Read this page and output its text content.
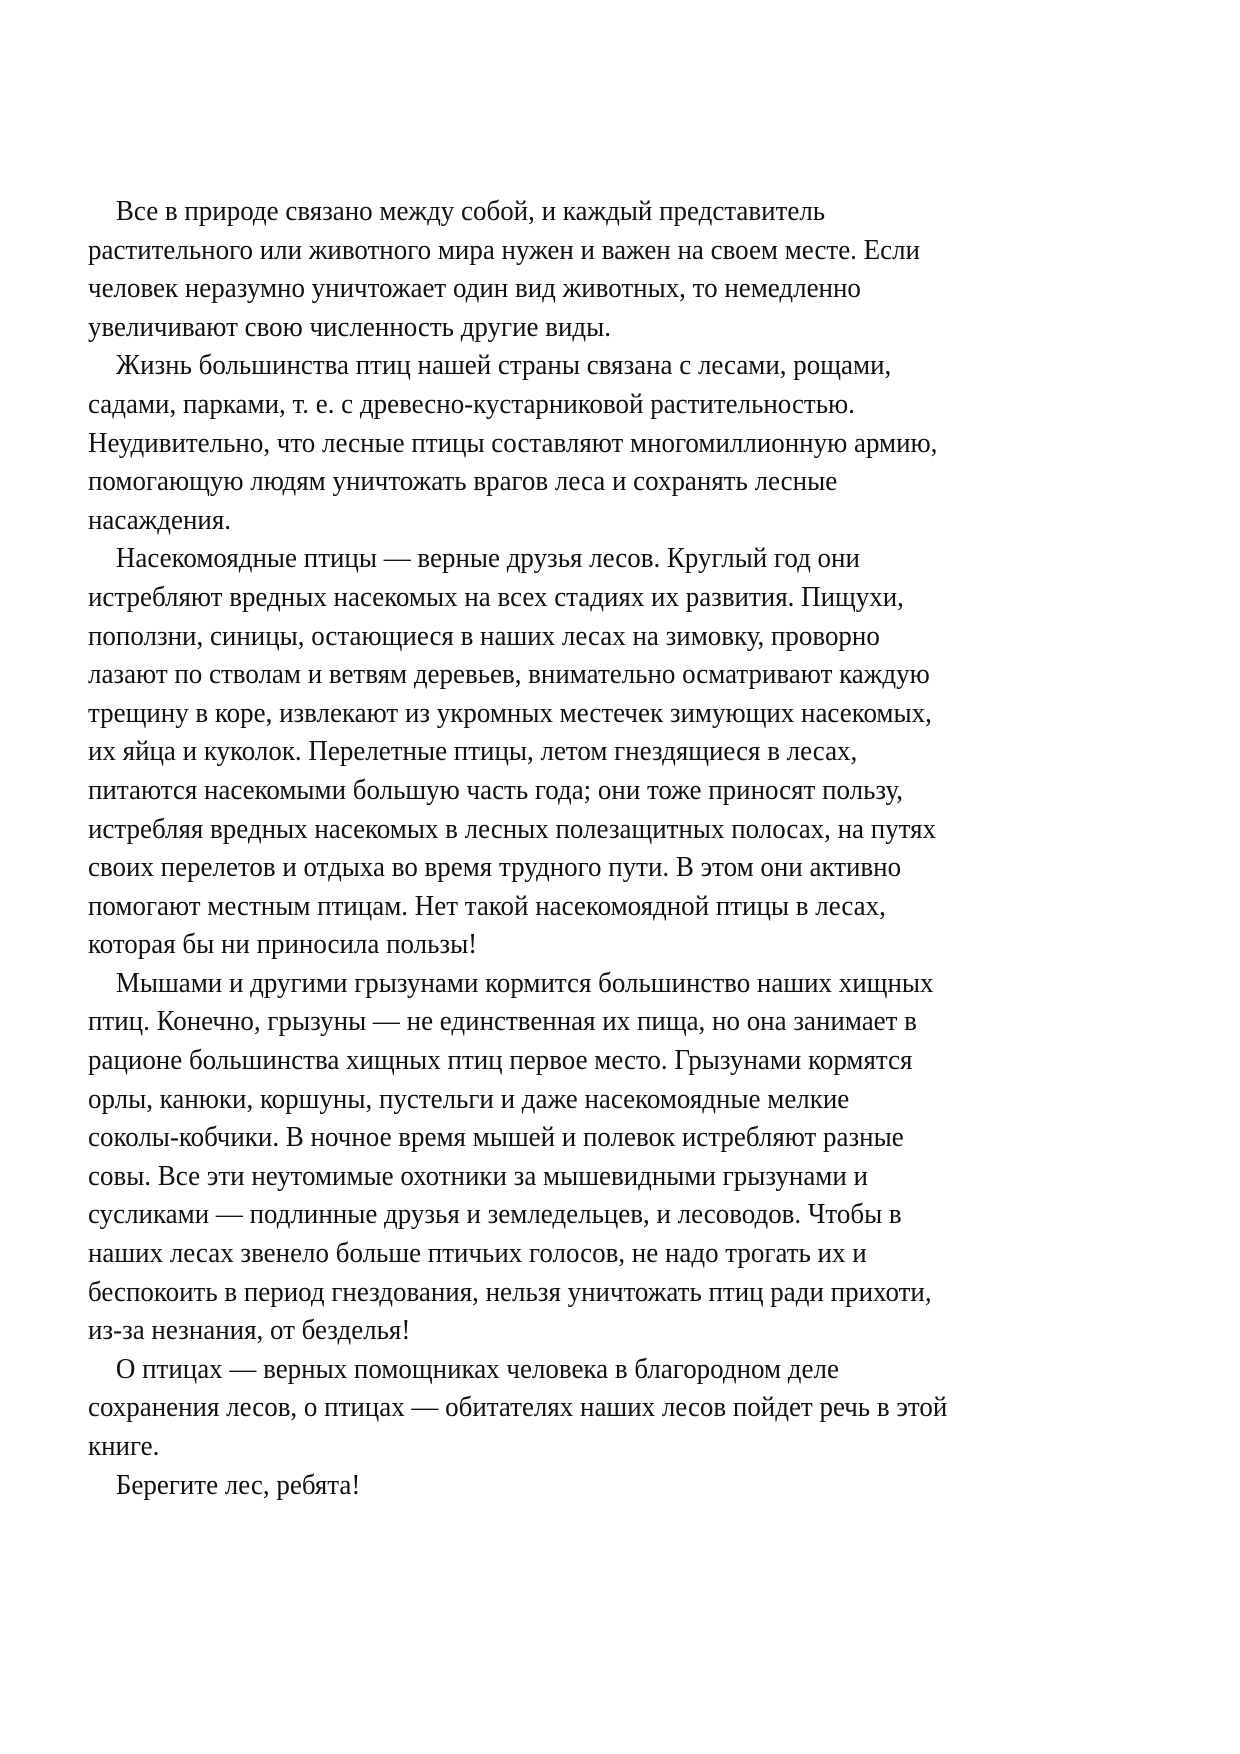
Все в природе связано между собой, и каждый представитель
растительного или животного мира нужен и важен на своем месте. Если
человек неразумно уничтожает один вид животных, то немедленно
увеличивают свою численность другие виды.

Жизнь большинства птиц нашей страны связана с лесами, рощами,
садами, парками, т. е. с древесно-кустарниковой растительностью.
Неудивительно, что лесные птицы составляют многомиллионную армию,
помогающую людям уничтожать врагов леса и сохранять лесные
насаждения.

Насекомоядные птицы — верные друзья лесов. Круглый год они
истребляют вредных насекомых на всех стадиях их развития. Пищухи,
поползни, синицы, остающиеся в наших лесах на зимовку, проворно
лазают по стволам и ветвям деревьев, внимательно осматривают каждую
трещину в коре, извлекают из укромных местечек зимующих насекомых,
их яйца и куколок. Перелетные птицы, летом гнездящиеся в лесах,
питаются насекомыми большую часть года; они тоже приносят пользу,
истребляя вредных насекомых в лесных полезащитных полосах, на путях
своих перелетов и отдыха во время трудного пути. В этом они активно
помогают местным птицам. Нет такой насекомоядной птицы в лесах,
которая бы ни приносила пользы!

Мышами и другими грызунами кормится большинство наших хищных
птиц. Конечно, грызуны — не единственная их пища, но она занимает в
рационе большинства хищных птиц первое место. Грызунами кормятся
орлы, канюки, коршуны, пустельги и даже насекомоядные мелкие
соколы-кобчики. В ночное время мышей и полевок истребляют разные
совы. Все эти неутомимые охотники за мышевидными грызунами и
сусликами — подлинные друзья и земледельцев, и лесоводов. Чтобы в
наших лесах звенело больше птичьих голосов, не надо трогать их и
беспокоить в период гнездования, нельзя уничтожать птиц ради прихоти,
из-за незнания, от безделья!

О птицах — верных помощниках человека в благородном деле
сохранения лесов, о птицах — обитателях наших лесов пойдет речь в этой
книге.

Берегите лес, ребята!
